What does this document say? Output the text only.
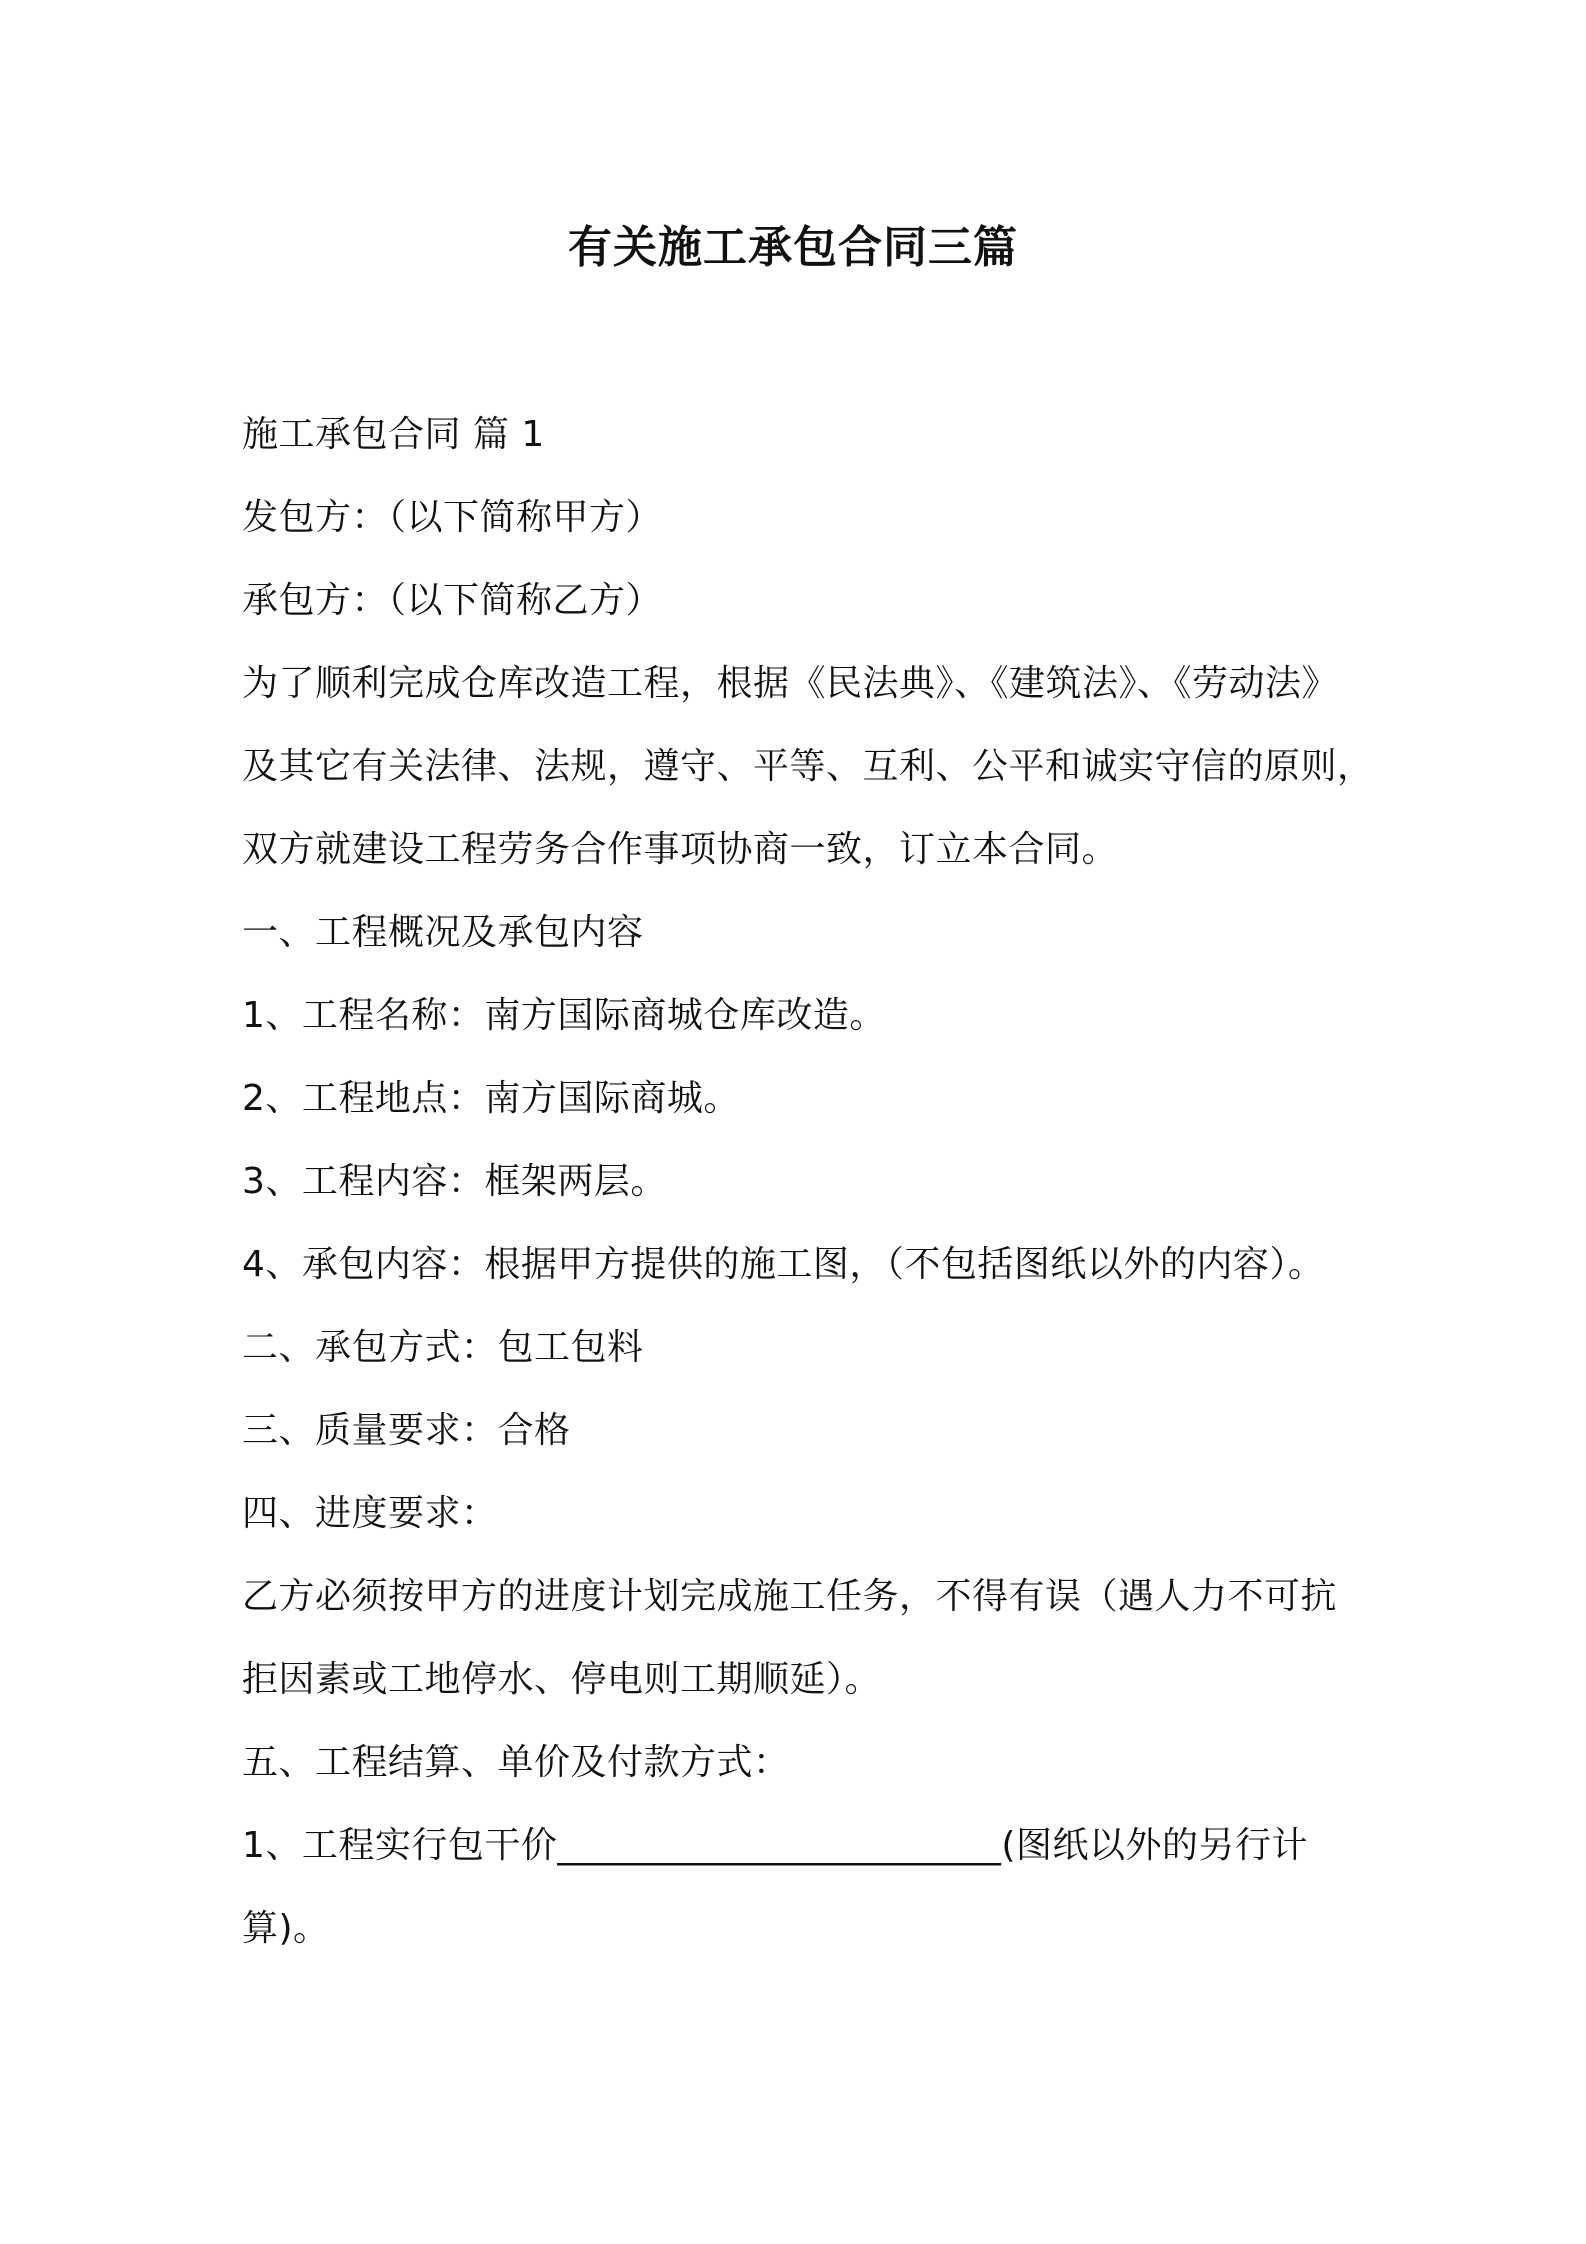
有关施工承包合同三篇
施工承包合同 篇 1
发包方：（以下简称甲方）
承包方：（以下简称乙方）
为了顺利完成仓库改造工程，根据《民法典》、《建筑法》、《劳动法》
及其它有关法律、法规，遵守、平等、互利、公平和诚实守信的原则，
双方就建设工程劳务合作事项协商一致，订立本合同。
一、工程概况及承包内容
1、工程名称：南方国际商城仓库改造。
2、工程地点：南方国际商城。
3、工程内容：框架两层。
4、承包内容：根据甲方提供的施工图，（不包括图纸以外的内容）。
二、承包方式：包工包料
三、质量要求：合格
四、进度要求：
乙方必须按甲方的进度计划完成施工任务，不得有误（遇人力不可抗
拒因素或工地停水、停电则工期顺延）。
五、工程结算、单价及付款方式：
1、工程实行包干价________________________(图纸以外的另行计
算)。
